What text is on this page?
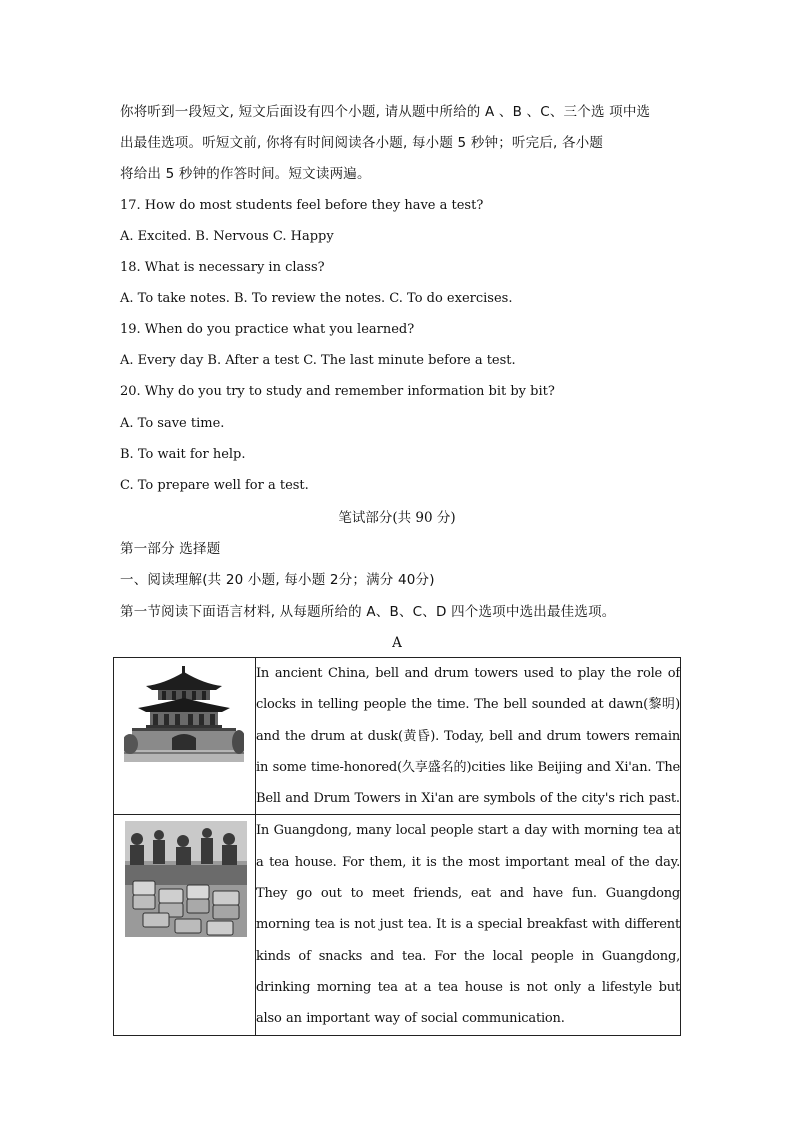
你将听到一段短文, 短文后面设有四个小题, 请从题中所给的 A 、B 、C、三个选 项中选
出最佳选项。听短文前, 你将有时间阅读各小题, 每小题 5 秒钟；听完后, 各小题
将给出 5 秒钟的作答时间。短文读两遍。
17. How do most students feel before they have a test?
A. Excited. B. Nervous C. Happy
18. What is necessary in class?
A. To take notes. B. To review the notes. C. To do exercises.
19. When do you practice what you learned?
A. Every day B. After a test C. The last minute before a test.
20. Why do you try to study and remember information bit by bit?
A. To save time.
B. To wait for help.
C. To prepare well for a test.
笔试部分(共 90 分)
第一部分 选择题
一、阅读理解(共 20 小题, 每小题 2分；满分 40分)
第一节阅读下面语言材料, 从每题所给的 A、B、C、D 四个选项中选出最佳选项。
A
	In ancient China, bell and drum towers used to play the role of clocks in telling people the time. The bell sounded at dawn(黎明) and the drum at dusk(黄昏). Today, bell and drum towers remain in some time-honored(久享盛名的)cities like Beijing and Xi'an. The Bell and Drum Towers in Xi'an are symbols of the city's rich past.

	In Guangdong, many local people start a day with morning tea at a tea house. For them, it is the most important meal of the day. They go out to meet friends, eat and have fun. Guangdong morning tea is not just tea. It is a special breakfast with different kinds of snacks and tea. For the local people in Guangdong, drinking morning tea at a tea house is not only a lifestyle but also an important way of social communication.
